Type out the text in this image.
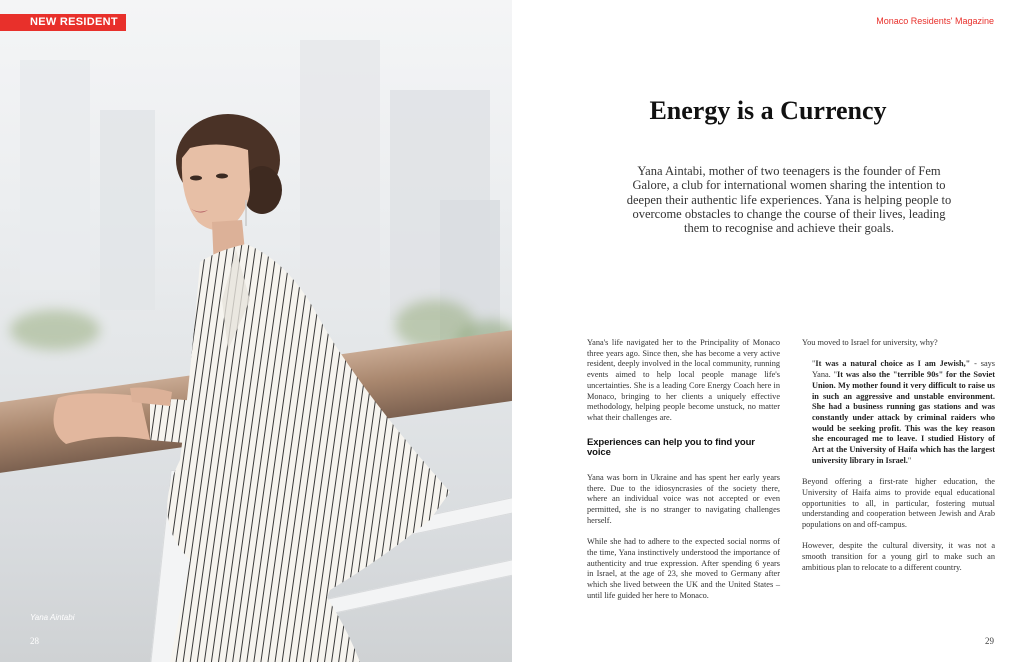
NEW RESIDENT
Yana Aintabi
28
Monaco Residents' Magazine
Energy is a Currency

Yana Aintabi, mother of two teenagers is the founder of Fem Galore, a club for international women sharing the intention to deepen their authentic life experiences. Yana is helping people to overcome obstacles to change the course of their lives, leading them to recognise and achieve their goals.

Yana's life navigated her to the Principality of Monaco three years ago. Since then, she has become a very active resident, deeply involved in the local community, running events aimed to help local people manage life's uncertainties. She is a leading Core Energy Coach here in Monaco, bringing to her clients a uniquely effective methodology, helping people become unstuck, no matter what their challenges are.

Experiences can help you to find your voice

Yana was born in Ukraine and has spent her early years there. Due to the idiosyncrasies of the society there, where an individual voice was not accepted or even permitted, she is no stranger to navigating challenges herself.

While she had to adhere to the expected social norms of the time, Yana instinctively understood the importance of authenticity and true expression. After spending 6 years in Israel, at the age of 23, she moved to Germany after which she lived between the UK and the United States – until life guided her here to Monaco.

You moved to Israel for university, why?

"It was a natural choice as I am Jewish," - says Yana. "It was also the "terrible 90s" for the Soviet Union. My mother found it very difficult to raise us in such an aggressive and unstable environment. She had a business running gas stations and was constantly under attack by criminal raiders who would be seeking profit. This was the key reason she encouraged me to leave. I studied History of Art at the University of Haifa which has the largest university library in Israel."

Beyond offering a first-rate higher education, the University of Haifa aims to provide equal educational opportunities to all, in particular, fostering mutual understanding and cooperation between Jewish and Arab populations on and off-campus.

However, despite the cultural diversity, it was not a smooth transition for a young girl to make such an ambitious plan to relocate to a different country.

29
